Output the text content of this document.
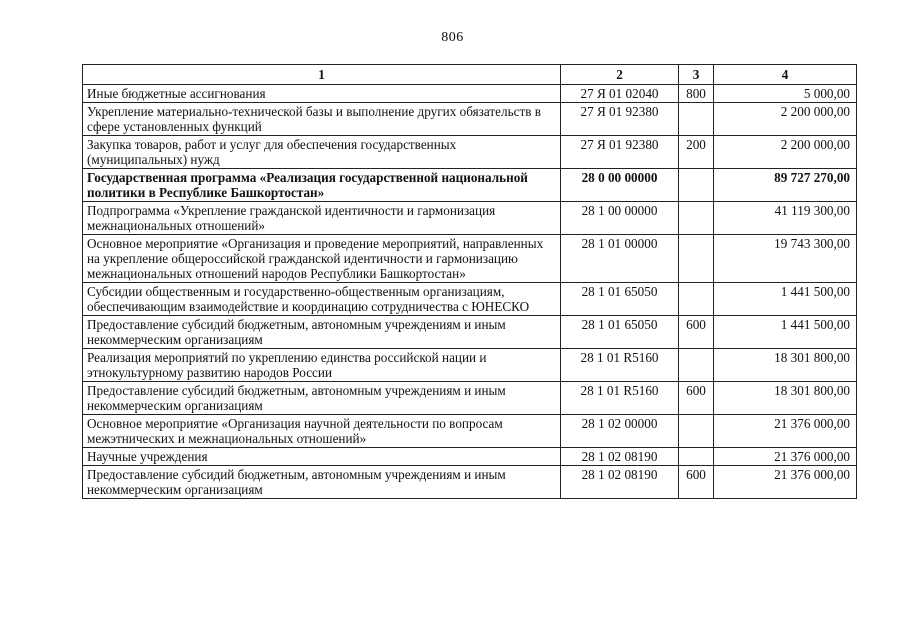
806
1	2	3	4
Иные бюджетные ассигнования	27 Я 01 02040	800	5 000,00
Укрепление материально-технической базы и выполнение других обязательств в сфере установленных функций	27 Я 01 92380		2 200 000,00
Закупка товаров, работ и услуг для обеспечения государственных (муниципальных) нужд	27 Я 01 92380	200	2 200 000,00
Государственная программа «Реализация государственной национальной политики в Республике Башкортостан»	28 0 00 00000		89 727 270,00
Подпрограмма «Укрепление гражданской идентичности и гармонизация межнациональных отношений»	28 1 00 00000		41 119 300,00
Основное мероприятие «Организация и проведение мероприятий, направленных на укрепление общероссийской гражданской идентичности и гармонизацию межнациональных отношений народов Республики Башкортостан»	28 1 01 00000		19 743 300,00
Субсидии общественным и государственно-общественным организациям, обеспечивающим взаимодействие и координацию сотрудничества с ЮНЕСКО	28 1 01 65050		1 441 500,00
Предоставление субсидий бюджетным, автономным учреждениям и иным некоммерческим организациям	28 1 01 65050	600	1 441 500,00
Реализация мероприятий по укреплению единства российской нации и этнокультурному развитию народов России	28 1 01 R5160		18 301 800,00
Предоставление субсидий бюджетным, автономным учреждениям и иным некоммерческим организациям	28 1 01 R5160	600	18 301 800,00
Основное мероприятие «Организация научной деятельности по вопросам межэтнических и межнациональных отношений»	28 1 02 00000		21 376 000,00
Научные учреждения	28 1 02 08190		21 376 000,00
Предоставление субсидий бюджетным, автономным учреждениям и иным некоммерческим организациям	28 1 02 08190	600	21 376 000,00
